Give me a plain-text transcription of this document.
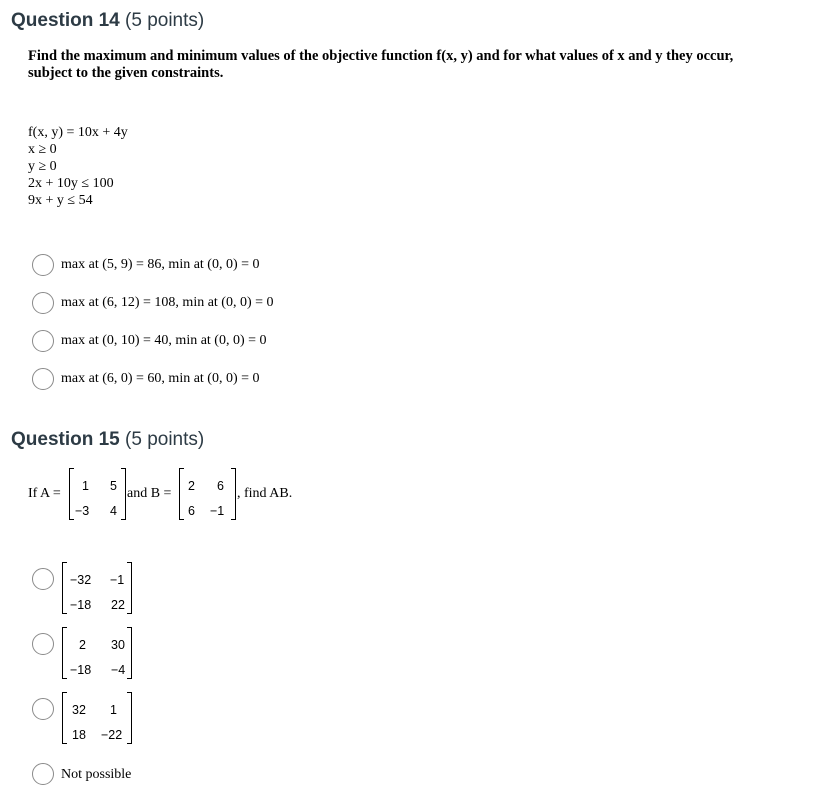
Question 14 (5 points)
Find the maximum and minimum values of the objective function f(x, y) and for what values of x and y they occur, subject to the given constraints.
f(x, y) = 10x + 4y
x ≥ 0
y ≥ 0
2x + 10y ≤ 100
9x + y ≤ 54
max at (5, 9) = 86, min at (0, 0) = 0
max at (6, 12) = 108, min at (0, 0) = 0
max at (0, 10) = 40, min at (0, 0) = 0
max at (6, 0) = 60, min at (0, 0) = 0
Question 15 (5 points)
If A = 1 5
−3 4
and B = 2 6
6 −1
, find AB.
−32 −1
−18 22
2 30
−18 −4
32 1
18 −22
Not possible
